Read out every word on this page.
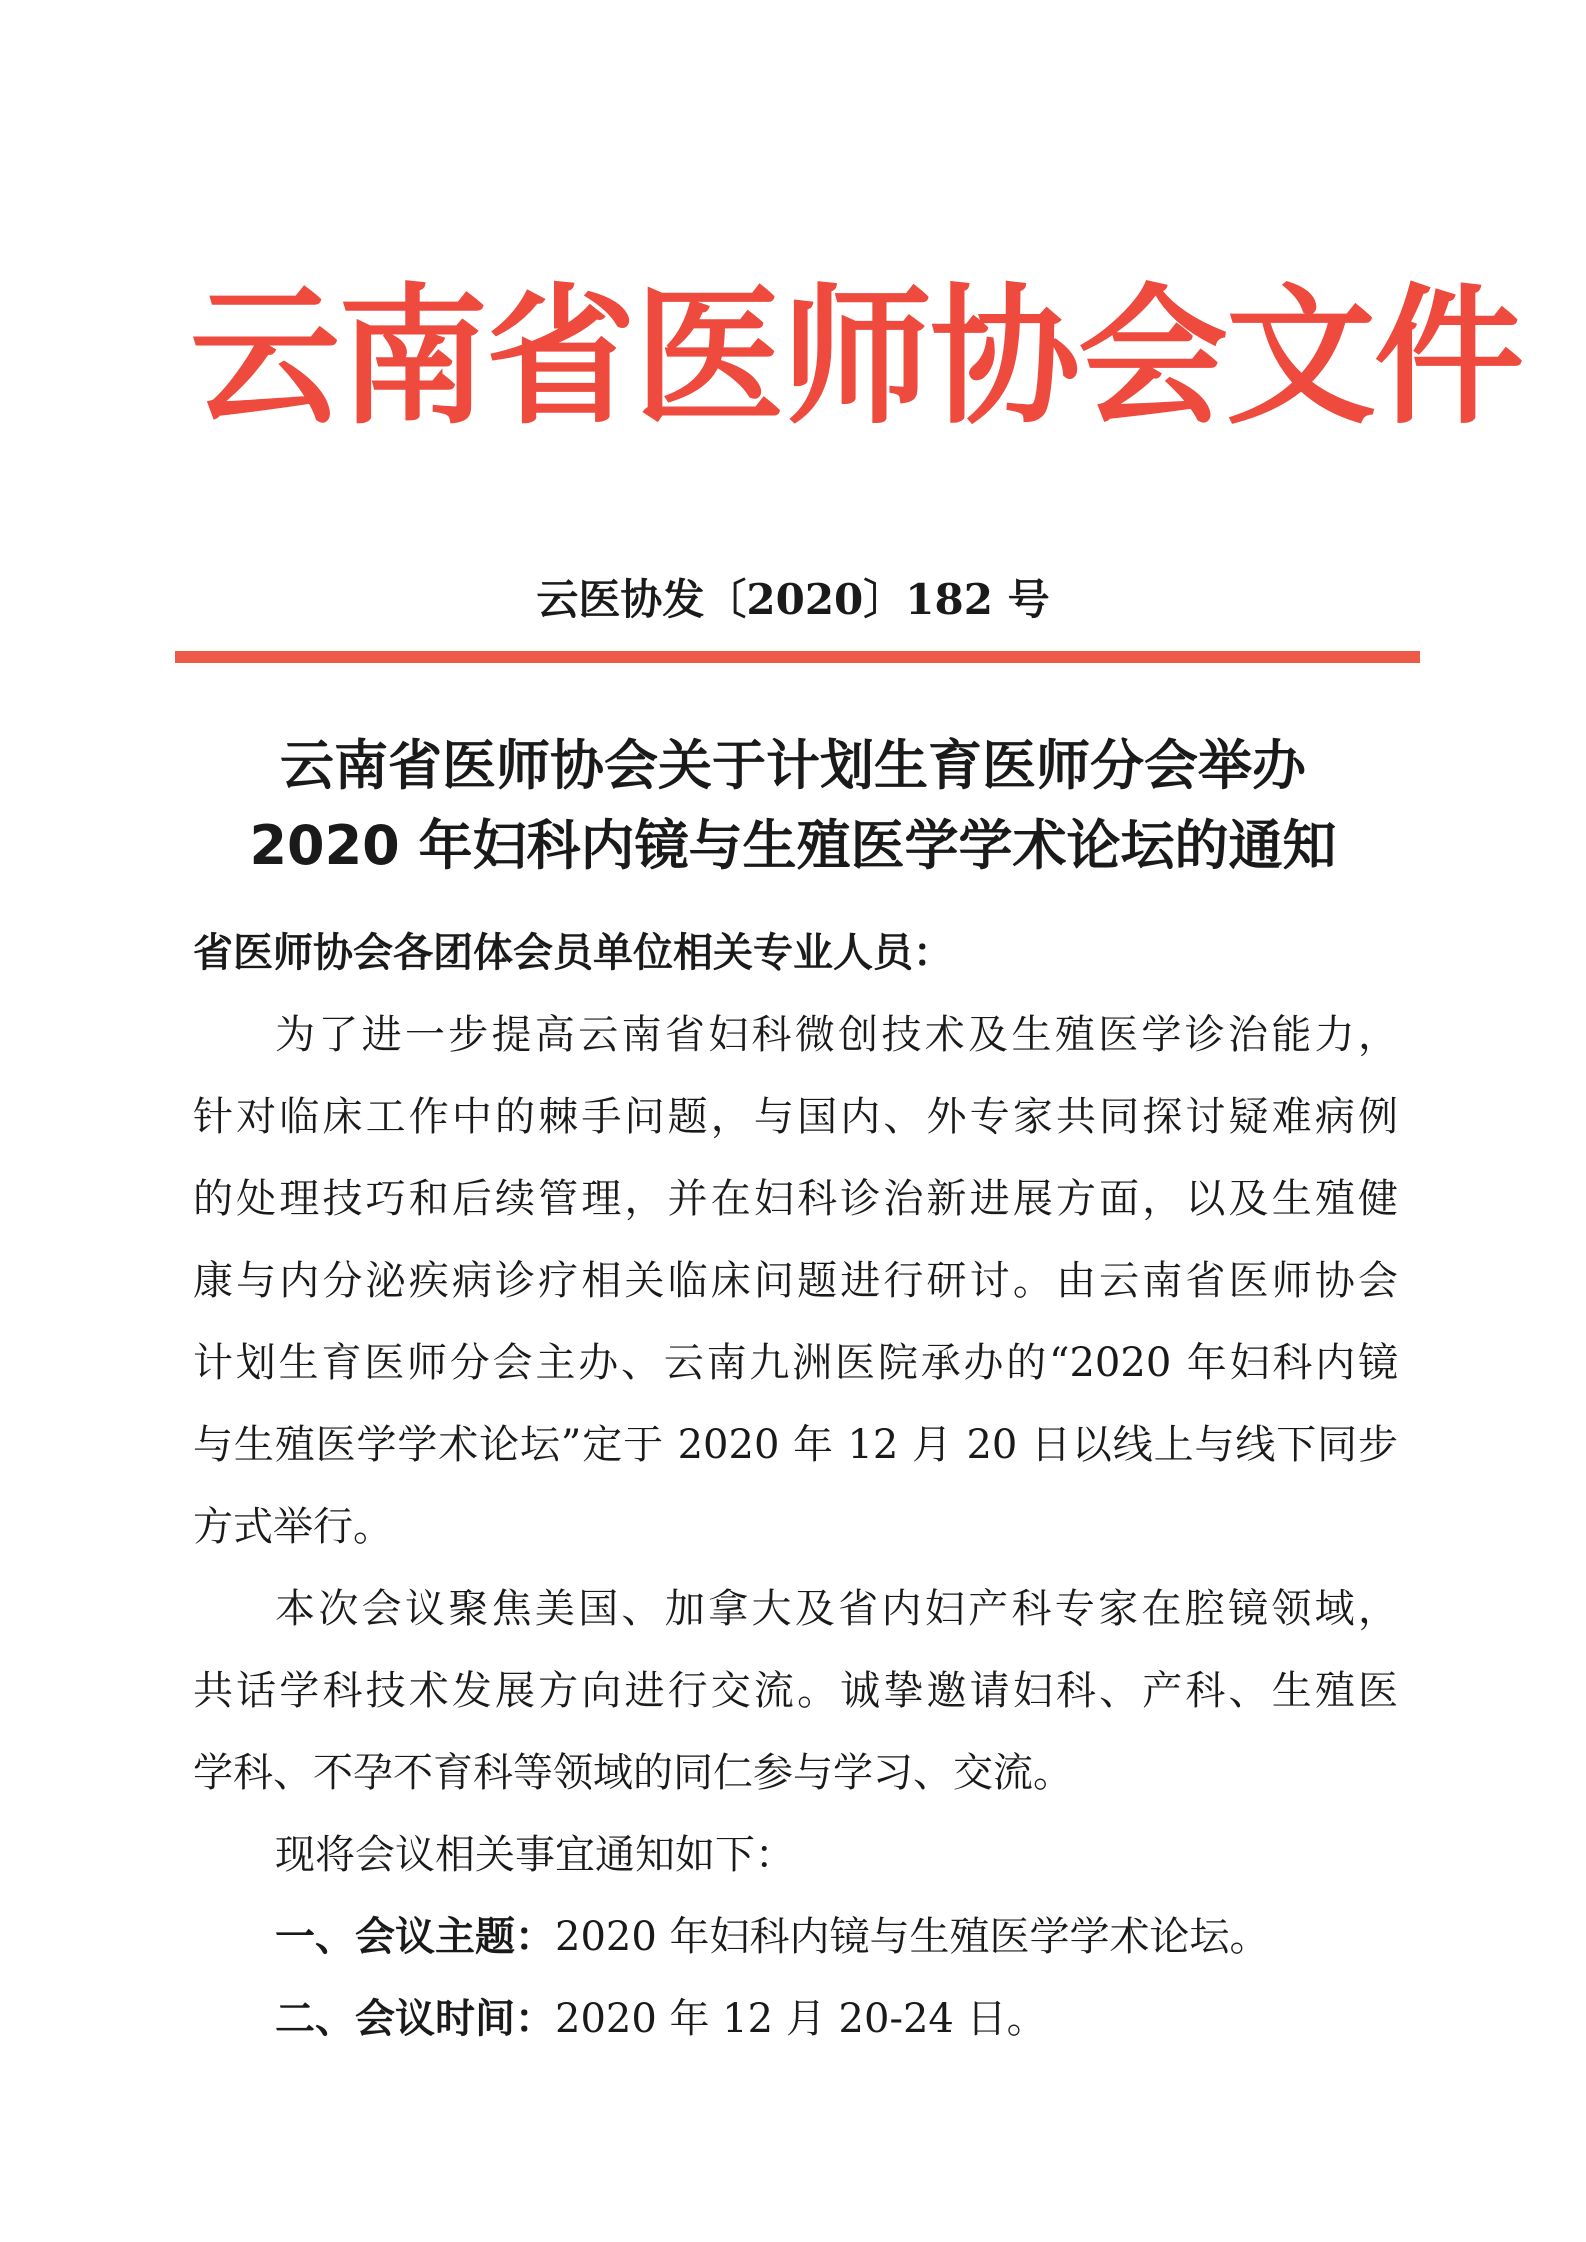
云南省医师协会文件
云医协发〔2020〕182 号
云南省医师协会关于计划生育医师分会举办
2020 年妇科内镜与生殖医学学术论坛的通知
省医师协会各团体会员单位相关专业人员：
为了进一步提高云南省妇科微创技术及生殖医学诊治能力，
针对临床工作中的棘手问题，与国内、外专家共同探讨疑难病例
的处理技巧和后续管理，并在妇科诊治新进展方面，以及生殖健
康与内分泌疾病诊疗相关临床问题进行研讨。由云南省医师协会
计划生育医师分会主办、云南九洲医院承办的“2020 年妇科内镜
与生殖医学学术论坛”定于 2020 年 12 月 20 日以线上与线下同步
方式举行。
本次会议聚焦美国、加拿大及省内妇产科专家在腔镜领域，
共话学科技术发展方向进行交流。诚挚邀请妇科、产科、生殖医
学科、不孕不育科等领域的同仁参与学习、交流。
现将会议相关事宜通知如下：
一、会议主题：2020 年妇科内镜与生殖医学学术论坛。
二、会议时间：2020 年 12 月 20-24 日。
